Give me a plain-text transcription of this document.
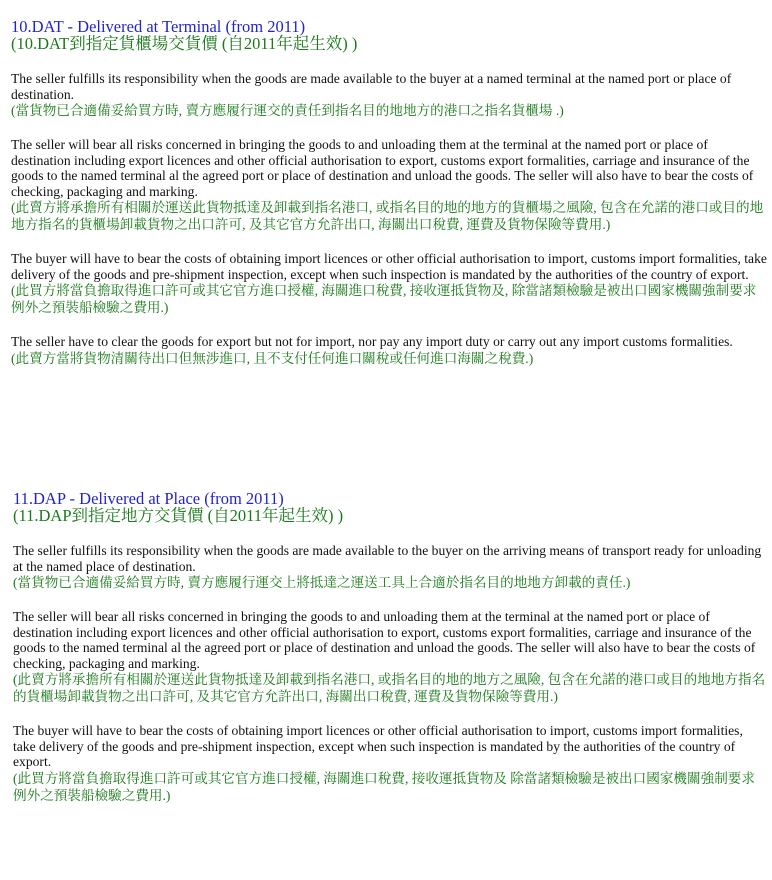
10.DAT - Delivered at Terminal (from 2011)
(10.DAT到指定貨櫃場交貨價 (自2011年起生效) )

The seller fulfills its responsibility when the goods are made available to the buyer at a named terminal at the named port or place of destination.

(當貨物已合適備妥給買方時, 賣方應履行運交的責任到指名目的地地方的港口之指名貨櫃場 .)

The seller will bear all risks concerned in bringing the goods to and unloading them at the terminal at the named port or place of destination including export licences and other official authorisation to export, customs export formalities, carriage and insurance of the goods to the named terminal al the agreed port or place of destination and unload the goods. The seller will also have to bear the costs of checking, packaging and marking.

(此賣方將承擔所有相關於運送此貨物抵達及卸載到指名港口, 或指名目的地的地方的貨櫃場之風險, 包含在允諾的港口或目的地地方指名的貨櫃場卸載貨物之出口許可, 及其它官方允許出口, 海關出口稅費, 運費及貨物保險等費用.)

The buyer will have to bear the costs of obtaining import licences or other official authorisation to import, customs import formalities, take delivery of the goods and pre-shipment inspection, except when such inspection is mandated by the authorities of the country of export.

(此買方將當負擔取得進口許可或其它官方進口授權, 海關進口稅費, 接收運抵貨物及, 除當諸類檢驗是被出口國家機關強制要求例外之預裝船檢驗之費用.)

The seller have to clear the goods for export but not for import, nor pay any import duty or carry out any import customs formalities.

(此賣方當將貨物清關待出口但無涉進口, 且不支付任何進口關稅或任何進口海關之稅費.)

11.DAP - Delivered at Place (from 2011)
(11.DAP到指定地方交貨價 (自2011年起生效) )

The seller fulfills its responsibility when the goods are made available to the buyer on the arriving means of transport ready for unloading at the named place of destination.

(當貨物已合適備妥給買方時, 賣方應履行運交上將抵達之運送工具上合適於指名目的地地方卸載的責任.)

The seller will bear all risks concerned in bringing the goods to and unloading them at the terminal at the named port or place of destination including export licences and other official authorisation to export, customs export formalities, carriage and insurance of the goods to the named terminal al the agreed port or place of destination and unload the goods. The seller will also have to bear the costs of checking, packaging and marking.

(此賣方將承擔所有相關於運送此貨物抵達及卸載到指名港口, 或指名目的地的地方之風險, 包含在允諾的港口或目的地地方指名的貨櫃場卸載貨物之出口許可, 及其它官方允許出口, 海關出口稅費, 運費及貨物保險等費用.)

The buyer will have to bear the costs of obtaining import licences or other official authorisation to import, customs import formalities, take delivery of the goods and pre-shipment inspection, except when such inspection is mandated by the authorities of the country of export.

(此買方將當負擔取得進口許可或其它官方進口授權, 海關進口稅費, 接收運抵貨物及 除當諸類檢驗是被出口國家機關強制要求例外之預裝船檢驗之費用.)
